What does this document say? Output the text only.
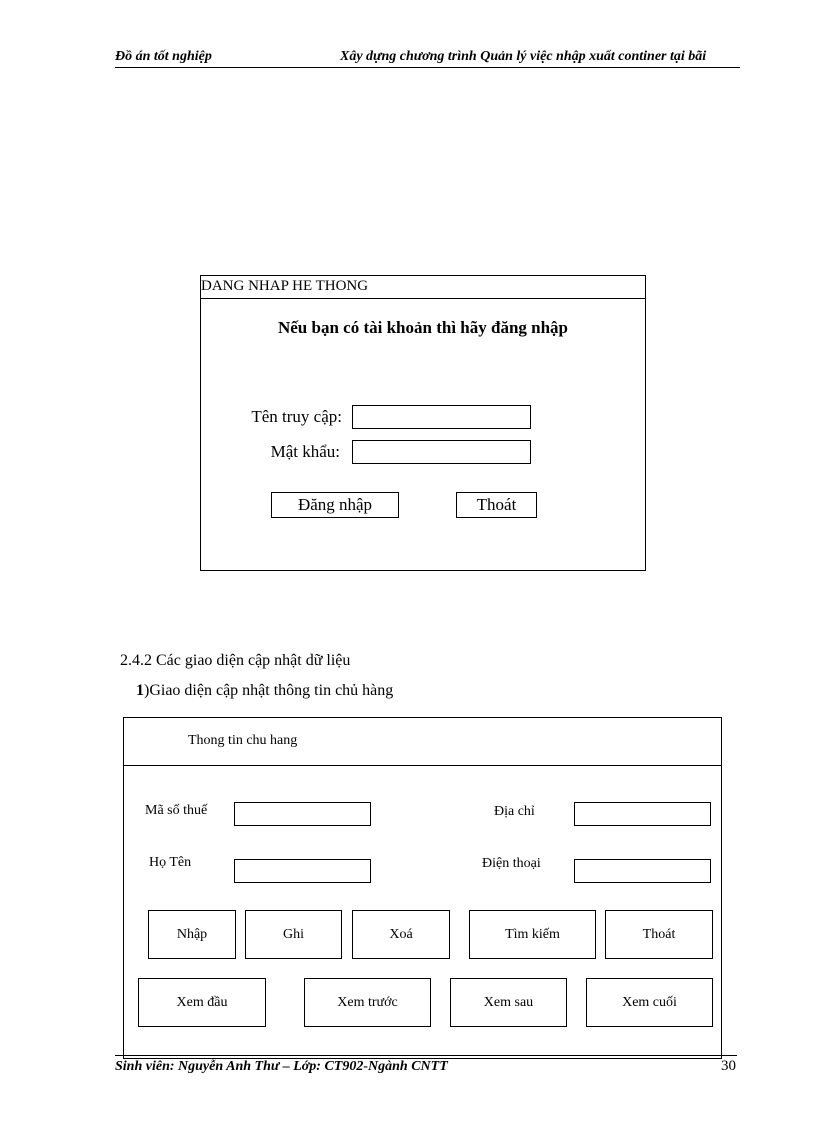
Đồ án tốt nghiệp	Xây dựng chương trình Quản lý việc nhập xuất continer tại bãi
DANG NHAP HE THONG
Nếu bạn có tài khoản thì hãy đăng nhập
Tên truy cập:
Mật khẩu:
Đăng nhập	Thoát
2.4.2 Các giao diện cập nhật dữ liệu
1)Giao diện cập nhật thông tin chủ hàng
Thong tin chu hang
Mã số thuế	Địa chỉ
Họ Tên	Điện thoại
Nhập	Ghi	Xoá	Tìm kiếm	Thoát
Xem đầu	Xem trước	Xem sau	Xem cuối
Sinh viên: Nguyễn Anh Thư – Lớp: CT902-Ngành CNTT	30
